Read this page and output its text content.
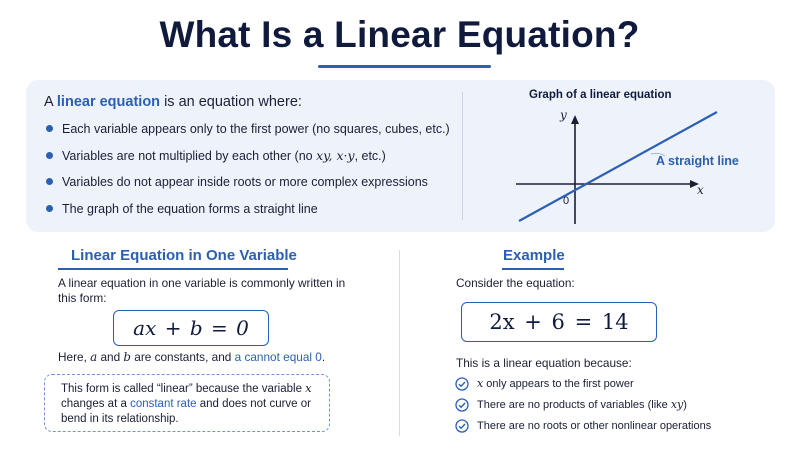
What Is a Linear Equation?
A linear equation is an equation where:
Each variable appears only to the first power (no squares, cubes, etc.)
Variables are not multiplied by each other (no xy, x·y, etc.)
Variables do not appear inside roots or more complex expressions
The graph of the equation forms a straight line
Graph of a linear equation
A straight line
y
x
0
Linear Equation in One Variable
A linear equation in one variable is commonly written in this form:
ax + b = 0
Here, a and b are constants, and a cannot equal 0.
This form is called “linear” because the variable x changes at a constant rate and does not curve or bend in its relationship.
Example
Consider the equation:
2x + 6 = 14
This is a linear equation because:
x only appears to the first power
There are no products of variables (like xy)
There are no roots or other nonlinear operations
